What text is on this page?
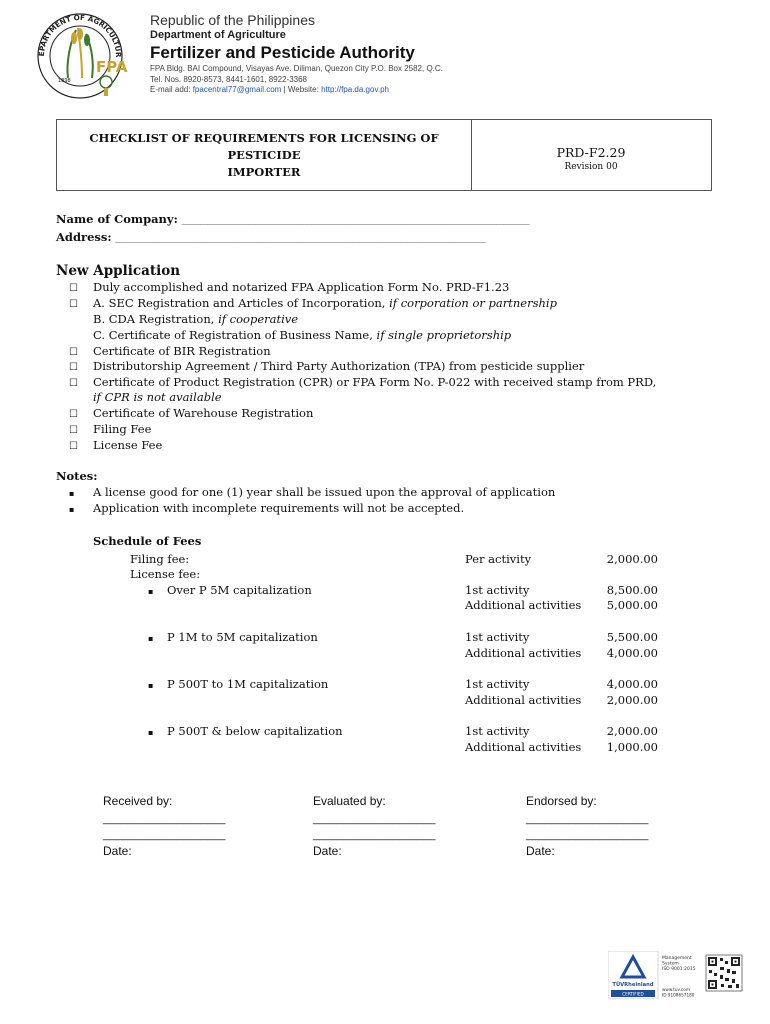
EPARTMENT OF AGRICULTUR
1898
FPA
Republic of the Philippines
Department of Agriculture
Fertilizer and Pesticide Authority
FPA Bldg. BAI Compound, Visayas Ave. Diliman, Quezon City P.O. Box 2582, Q.C.
Tel. Nos. 8920-8573, 8441-1601, 8922-3368
E-mail add: fpacentral77@gmail.com | Website: http://fpa.da.gov.ph
CHECKLIST OF REQUIREMENTS FOR LICENSING OF PESTICIDE
IMPORTER
PRD-F2.29
Revision 00
Name of Company: ______________________________________________________________________________________________
Address: ____________________________________________________________________________________________________
New Application
☐ Duly accomplished and notarized FPA Application Form No. PRD-F1.23
☐ A. SEC Registration and Articles of Incorporation, if corporation or partnership
B. CDA Registration, if cooperative
C. Certificate of Registration of Business Name, if single proprietorship
☐ Certificate of BIR Registration
☐ Distributorship Agreement / Third Party Authorization (TPA) from pesticide supplier
☐ Certificate of Product Registration (CPR) or FPA Form No. P-022 with received stamp from PRD,
if CPR is not available
☐ Certificate of Warehouse Registration
☐ Filing Fee
☐ License Fee
Notes:
▪ A license good for one (1) year shall be issued upon the approval of application
▪ Application with incomplete requirements will not be accepted.
Schedule of Fees
Filing fee:	Per activity	2,000.00
License fee:
▪ Over P 5M capitalization	1st activity	8,500.00
Additional activities	5,000.00
▪ P 1M to 5M capitalization	1st activity	5,500.00
Additional activities	4,000.00
▪ P 500T to 1M capitalization	1st activity	4,000.00
Additional activities	2,000.00
▪ P 500T & below capitalization	1st activity	2,000.00
Additional activities	1,000.00
Received by:
____________________
____________________
Date:
Evaluated by:
____________________
____________________
Date:
Endorsed by:
____________________
____________________
Date:
TÜVRheinland
CERTIFIED
Management
System
ISO 9001:2015
www.tuv.com
ID 9108657180
